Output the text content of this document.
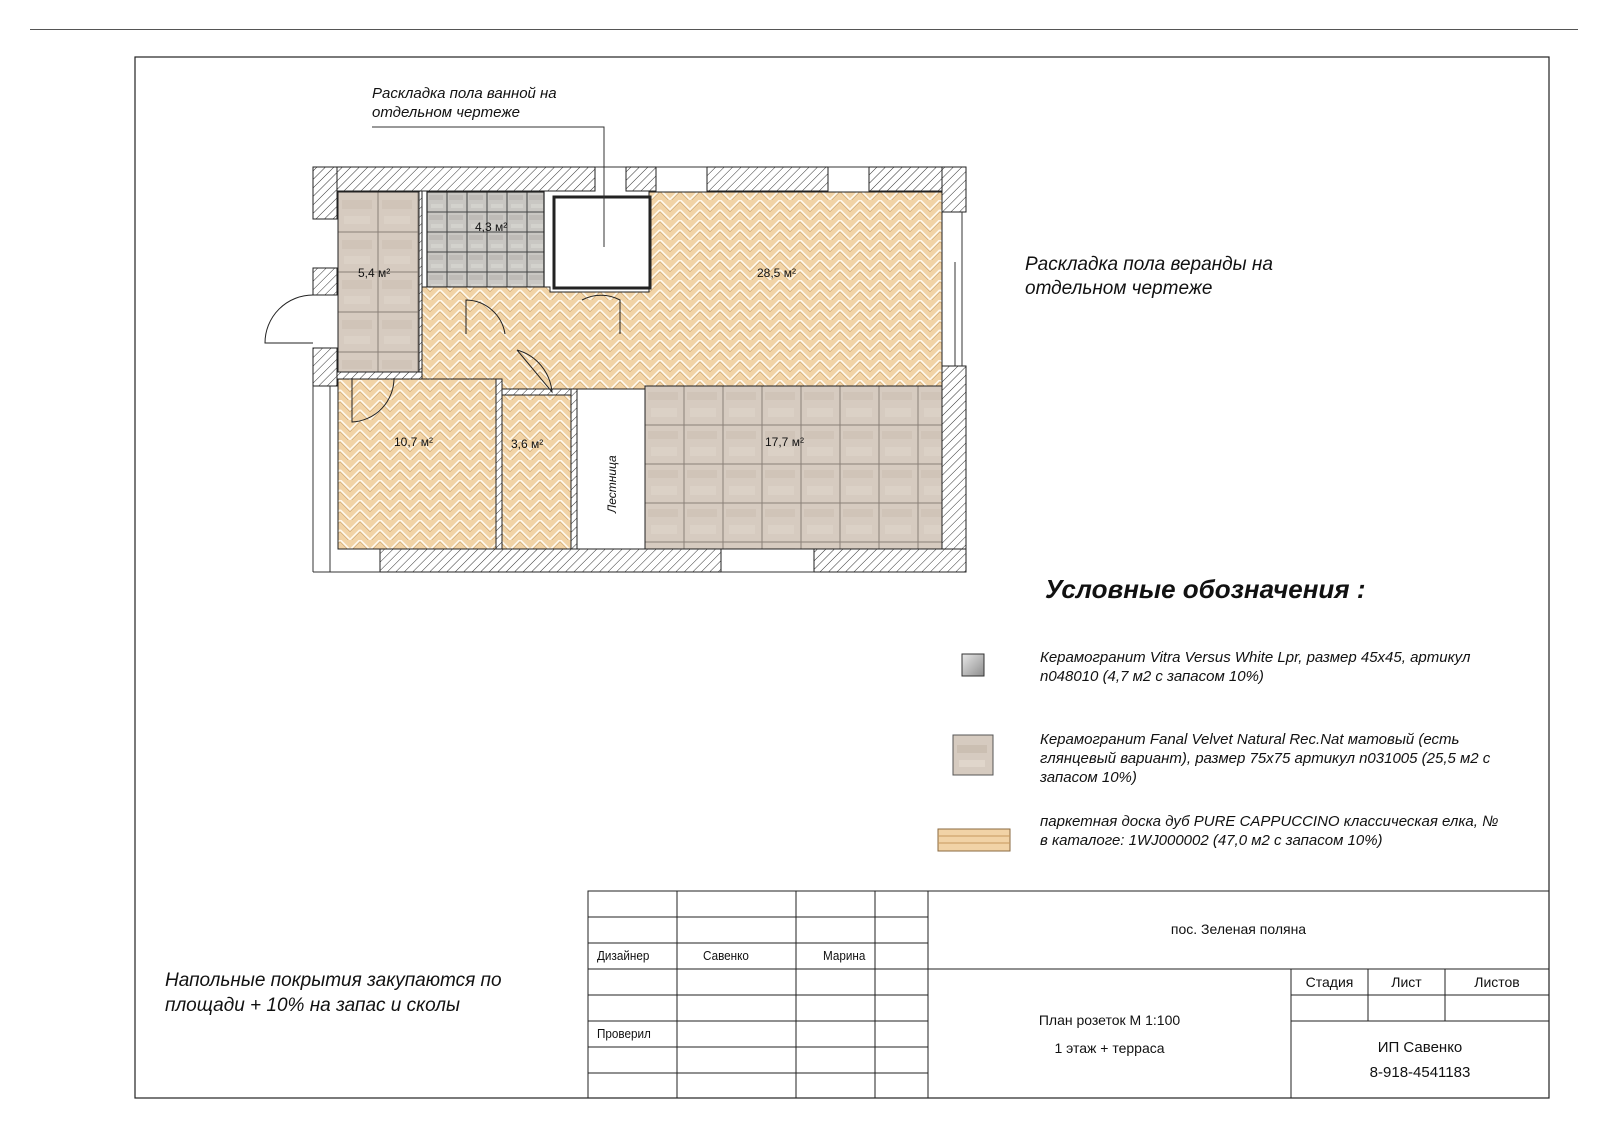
5,4 м²
4,3 м²
28,5 м²
10,7 м²	3,6 м²	17,7 м²
Лестница
Раскладка пола ванной на отдельном чертеже
Раскладка пола веранды на отдельном чертеже
Условные обозначения :
Керамогранит Vitra Versus White Lpr, размер 45х45, артикул n048010 (4,7 м2 с запасом 10%)
Керамогранит Fanal Velvet Natural Rec.Nat матовый (есть глянцевый вариант), размер 75х75 артикул n031005 (25,5 м2 с запасом 10%)
паркетная доска дуб PURE CAPPUCCINO классическая елка, № в каталоге: 1WJ000002 (47,0 м2 с запасом 10%)
Напольные покрытия закупаются по площади + 10% на запас и сколы
Дизайнер	Савенко	Марина
Проверил
пос. Зеленая поляна
Стадия	Лист	Листов
План розеток М 1:100
1 этаж + терраса	ИП Савенко
8-918-4541183
